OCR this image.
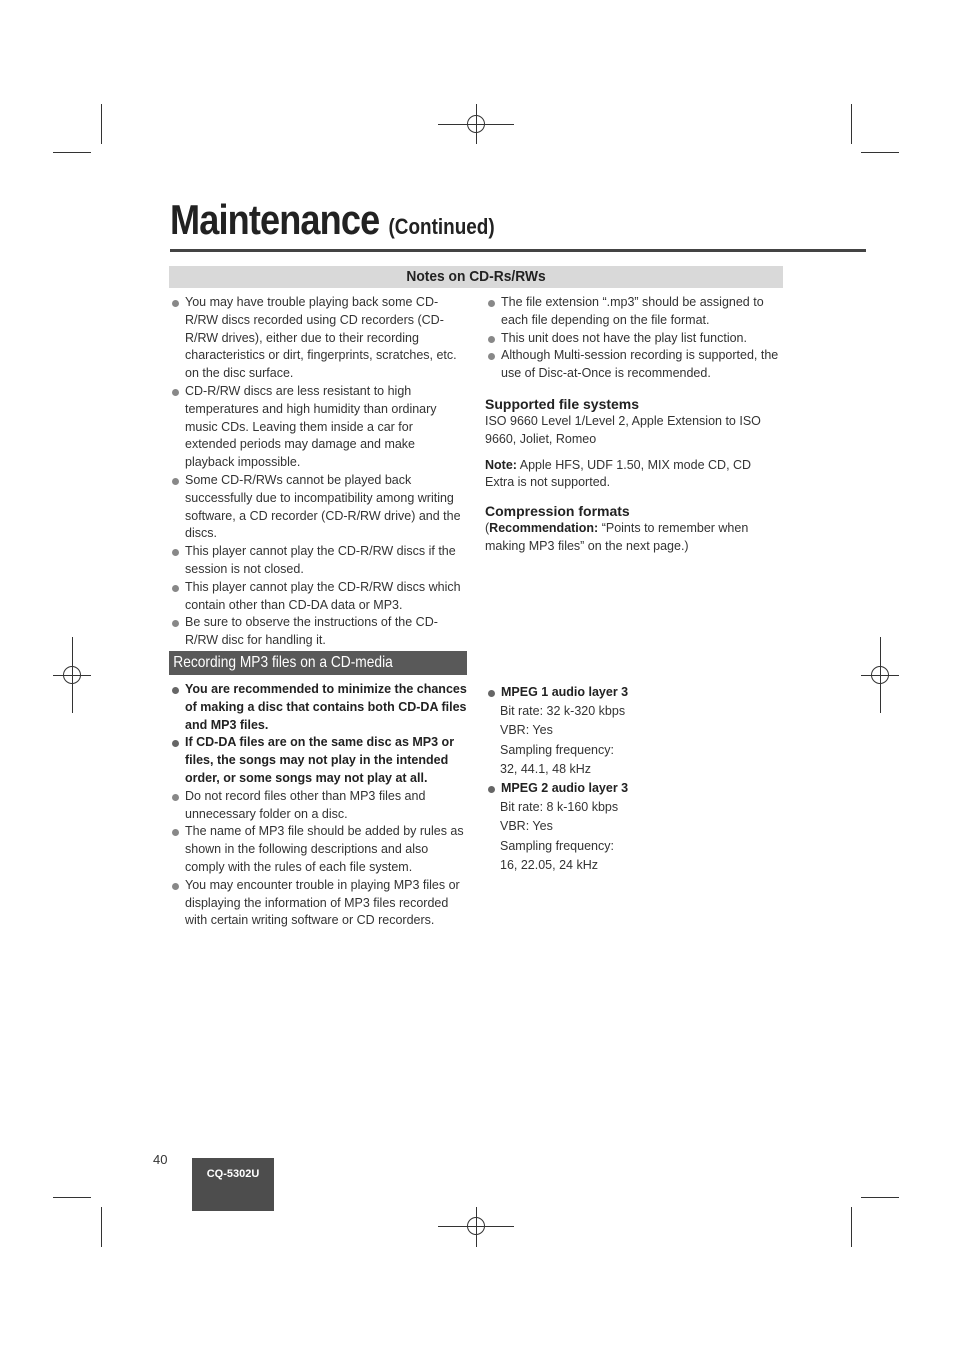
Maintenance (Continued)
Notes on CD-Rs/RWs
You may have trouble playing back some CD-R/RW discs recorded using CD recorders (CD-R/RW drives), either due to their recording characteristics or dirt, fingerprints, scratches, etc. on the disc surface.
CD-R/RW discs are less resistant to high temperatures and high humidity than ordinary music CDs. Leaving them inside a car for extended periods may damage and make playback impossible.
Some CD-R/RWs cannot be played back successfully due to incompatibility among writing software, a CD recorder (CD-R/RW drive) and the discs.
This player cannot play the CD-R/RW discs if the session is not closed.
This player cannot play the CD-R/RW discs which contain other than CD-DA data or MP3.
Be sure to observe the instructions of the CD-R/RW disc for handling it.
The file extension “.mp3” should be assigned to each file depending on the file format.
This unit does not have the play list function.
Although Multi-session recording is supported, the use of Disc-at-Once is recommended.

Supported file systems

ISO 9660 Level 1/Level 2, Apple Extension to ISO 9660, Joliet, Romeo

Note: Apple HFS, UDF 1.50, MIX mode CD, CD Extra is not supported.

Compression formats

(Recommendation: “Points to remember when making MP3 files” on the next page.)

Recording MP3 files on a CD-media
You are recommended to minimize the chances of making a disc that contains both CD-DA files and MP3 files.
If CD-DA files are on the same disc as MP3 or files, the songs may not play in the intended order, or some songs may not play at all.
Do not record files other than MP3 files and unnecessary folder on a disc.
The name of MP3 file should be added by rules as shown in the following descriptions and also comply with the rules of each file system.
You may encounter trouble in playing MP3 files or displaying the information of MP3 files recorded with certain writing software or CD recorders.
MPEG 1 audio layer 3
Bit rate: 32 k-320 kbps
VBR: Yes
Sampling frequency:
32, 44.1, 48 kHz
MPEG 2 audio layer 3
Bit rate: 8 k-160 kbps
VBR: Yes
Sampling frequency:
16, 22.05, 24 kHz
40
CQ-5302U
